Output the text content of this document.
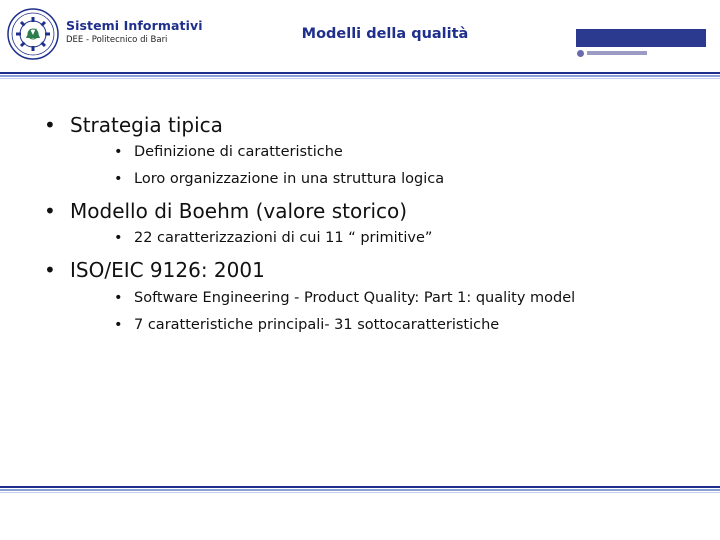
Sistemi Informativi
DEE - Politecnico di Bari	Modelli della qualità
• Strategia tipica
• Definizione di caratteristiche
• Loro organizzazione in una struttura logica
• Modello di Boehm (valore storico)
• 22 caratterizzazioni di cui 11 “ primitive”
• ISO/EIC 9126: 2001
• Software Engineering - Product Quality: Part 1: quality model
• 7 caratteristiche principali- 31 sottocaratteristiche
